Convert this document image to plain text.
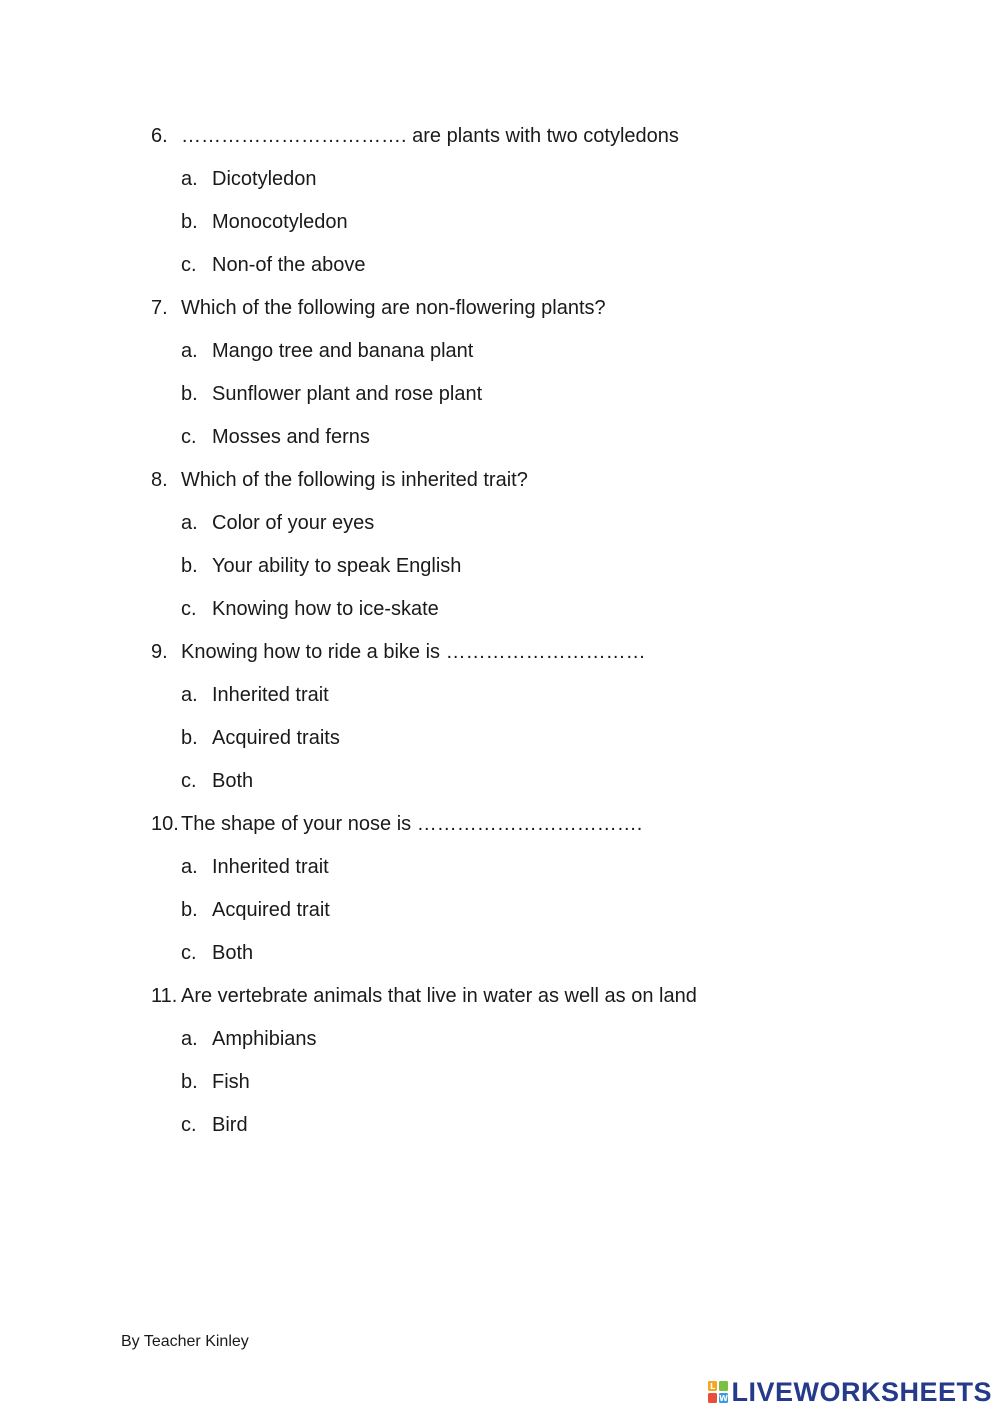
6. ……………………………. are plants with two cotyledons
a. Dicotyledon
b. Monocotyledon
c. Non-of the above
7. Which of the following are non-flowering plants?
a. Mango tree and banana plant
b. Sunflower plant and rose plant
c. Mosses and ferns
8. Which of the following is inherited trait?
a. Color of your eyes
b. Your ability to speak English
c. Knowing how to ice-skate
9. Knowing how to ride a bike is …………………………
a. Inherited trait
b. Acquired traits
c. Both
10. The shape of your nose is …………………………….
a. Inherited trait
b. Acquired trait
c. Both
11. Are vertebrate animals that live in water as well as on land
a. Amphibians
b. Fish
c. Bird
By Teacher Kinley
L
W LIVEWORKSHEETS
